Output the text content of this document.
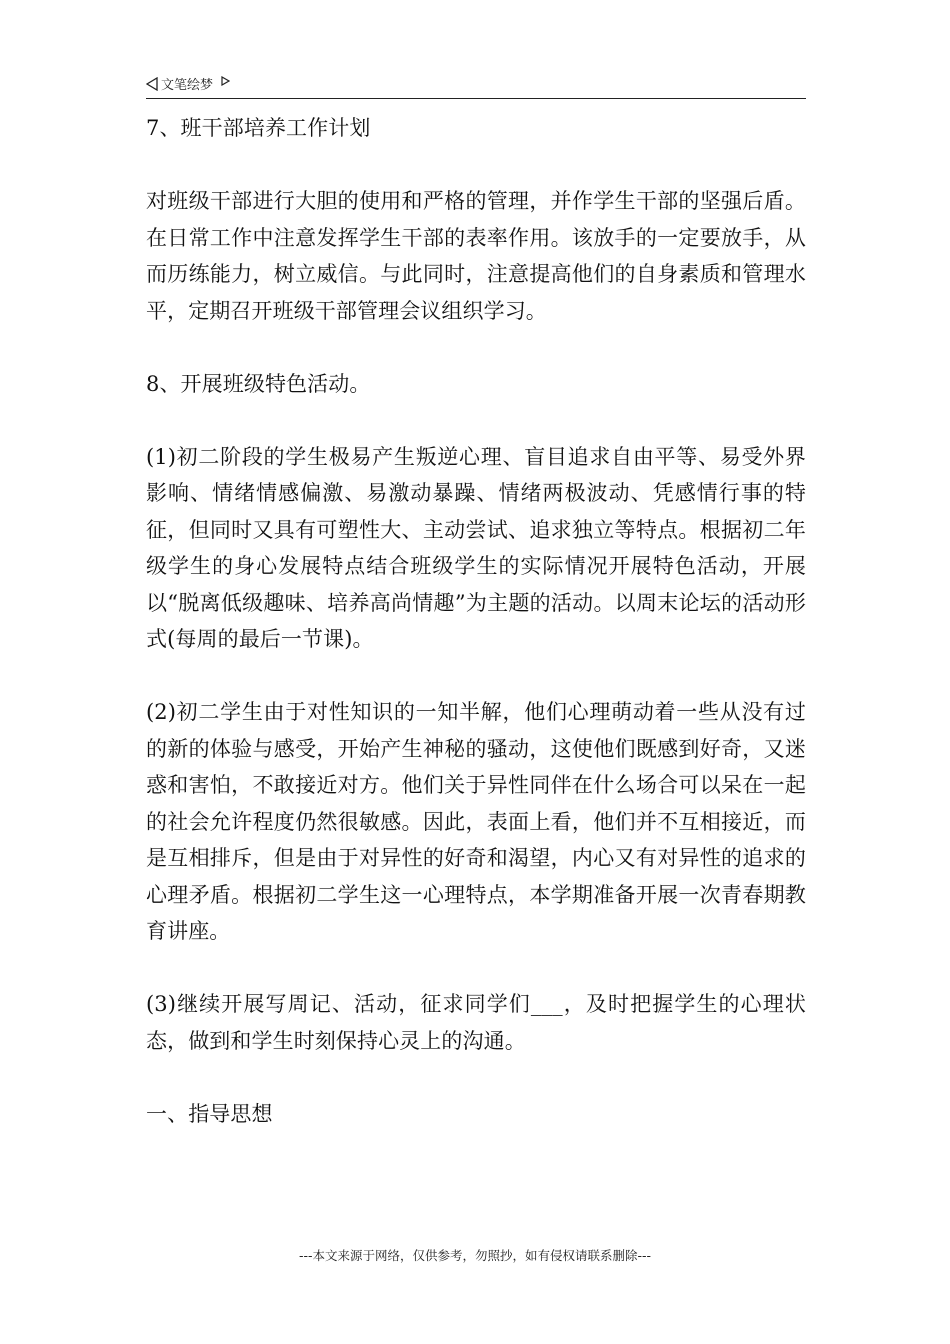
文笔绘梦

7、班干部培养工作计划

对班级干部进行大胆的使用和严格的管理，并作学生干部的坚强后盾。在日常工作中注意发挥学生干部的表率作用。该放手的一定要放手，从而历练能力，树立威信。与此同时，注意提高他们的自身素质和管理水平，定期召开班级干部管理会议组织学习。

8、开展班级特色活动。

(1)初二阶段的学生极易产生叛逆心理、盲目追求自由平等、易受外界影响、情绪情感偏激、易激动暴躁、情绪两极波动、凭感情行事的特征，但同时又具有可塑性大、主动尝试、追求独立等特点。根据初二年级学生的身心发展特点结合班级学生的实际情况开展特色活动，开展以“脱离低级趣味、培养高尚情趣”为主题的活动。以周末论坛的活动形式(每周的最后一节课)。

(2)初二学生由于对性知识的一知半解，他们心理萌动着一些从没有过的新的体验与感受，开始产生神秘的骚动，这使他们既感到好奇，又迷惑和害怕，不敢接近对方。他们关于异性同伴在什么场合可以呆在一起的社会允许程度仍然很敏感。因此，表面上看，他们并不互相接近，而是互相排斥，但是由于对异性的好奇和渴望，内心又有对异性的追求的心理矛盾。根据初二学生这一心理特点，本学期准备开展一次青春期教育讲座。

(3)继续开展写周记、活动，征求同学们___，及时把握学生的心理状态，做到和学生时刻保持心灵上的沟通。

一、指导思想

---本文来源于网络，仅供参考，勿照抄，如有侵权请联系删除---
